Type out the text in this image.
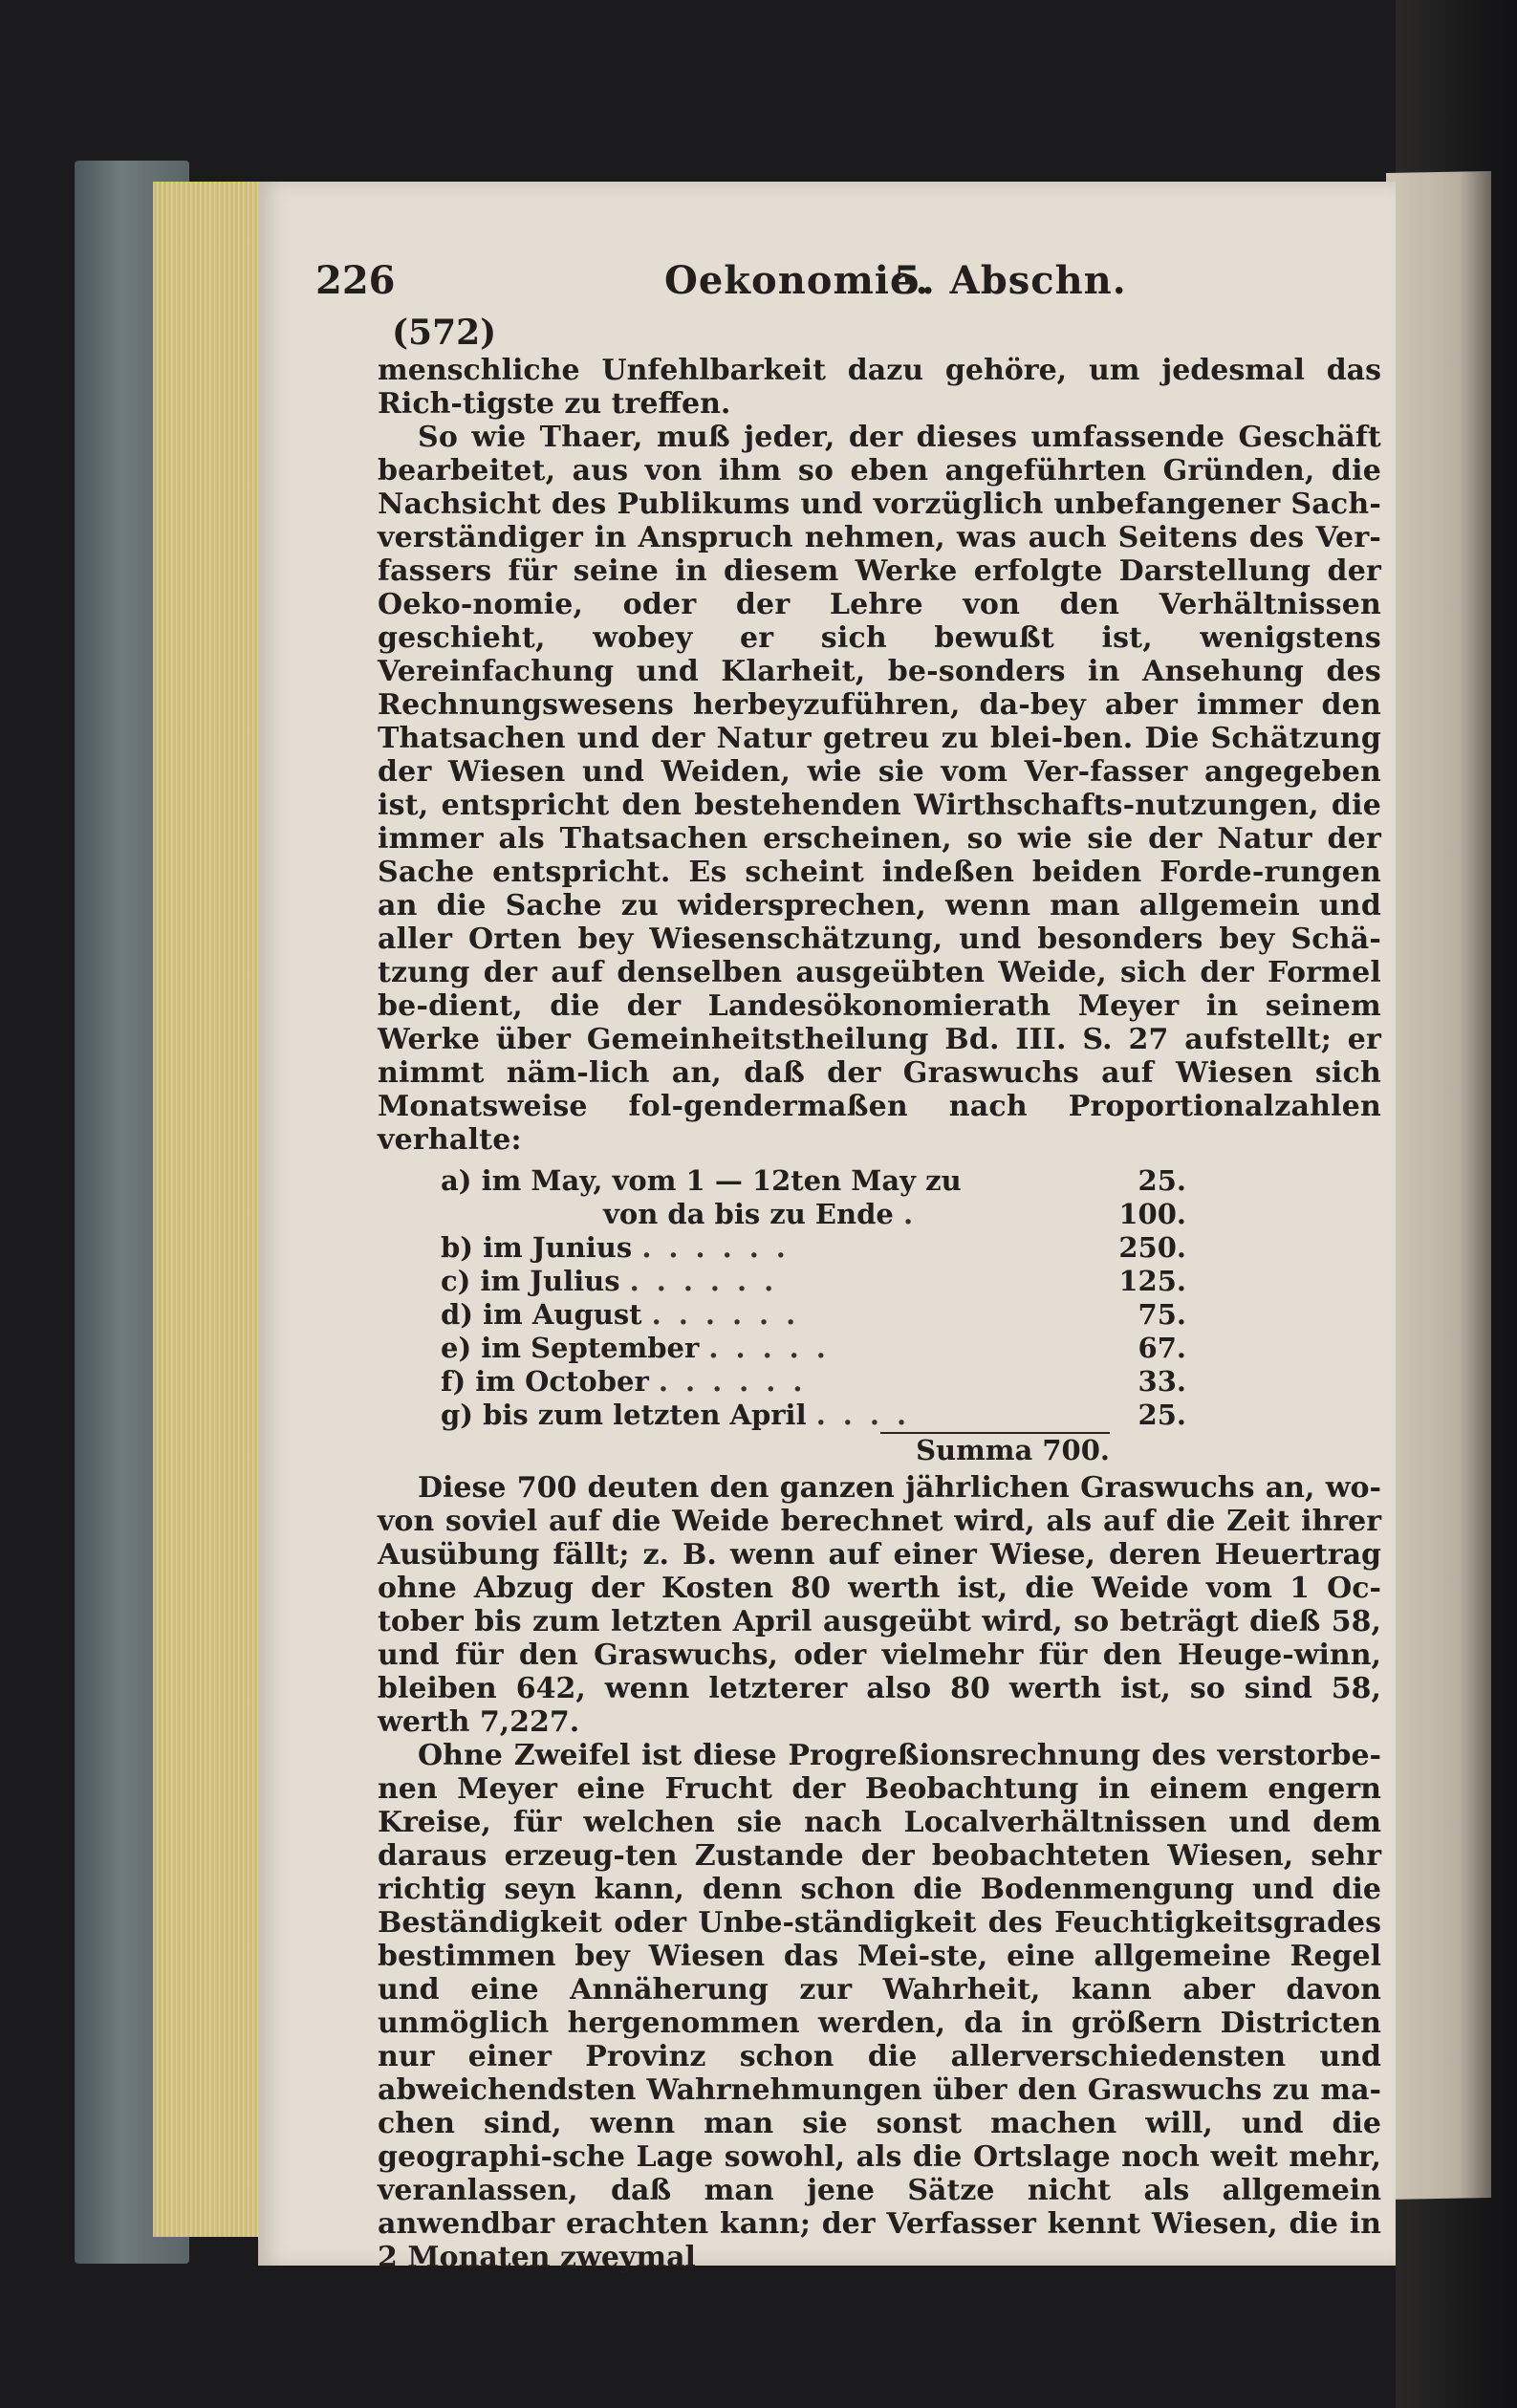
226	Oekonomie.
5. Abschn.
(572)

menschliche Unfehlbarkeit dazu gehöre, um jedesmal das Rich-tigste zu treffen.

So wie Thaer, muß jeder, der dieses umfassende Geschäft bearbeitet, aus von ihm so eben angeführten Gründen, die Nachsicht des Publikums und vorzüglich unbefangener Sach-verständiger in Anspruch nehmen, was auch Seitens des Ver-fassers für seine in diesem Werke erfolgte Darstellung der Oeko-nomie, oder der Lehre von den Verhältnissen geschieht, wobey er sich bewußt ist, wenigstens Vereinfachung und Klarheit, be-sonders in Ansehung des Rechnungswesens herbeyzuführen, da-bey aber immer den Thatsachen und der Natur getreu zu blei-ben. Die Schätzung der Wiesen und Weiden, wie sie vom Ver-fasser angegeben ist, entspricht den bestehenden Wirthschafts-nutzungen, die immer als Thatsachen erscheinen, so wie sie der Natur der Sache entspricht. Es scheint indeßen beiden Forde-rungen an die Sache zu widersprechen, wenn man allgemein und aller Orten bey Wiesenschätzung, und besonders bey Schä-tzung der auf denselben ausgeübten Weide, sich der Formel be-dient, die der Landesökonomierath Meyer in seinem Werke über Gemeinheitstheilung Bd. III. S. 27 aufstellt; er nimmt näm-lich an, daß der Graswuchs auf Wiesen sich Monatsweise fol-gendermaßen nach Proportionalzahlen verhalte:

a) im May, vom 1 — 12ten May zu	25.
von da bis zu Ende .	100.
b) im Junius ......	250.
c) im Julius ......	125.
d) im August ......	75.
e) im September .....	67.
f) im October ......	33.
g) bis zum letzten April ....	25.
Summa 700.

Diese 700 deuten den ganzen jährlichen Graswuchs an, wo-von soviel auf die Weide berechnet wird, als auf die Zeit ihrer Ausübung fällt; z. B. wenn auf einer Wiese, deren Heuertrag ohne Abzug der Kosten 80 werth ist, die Weide vom 1 Oc-tober bis zum letzten April ausgeübt wird, so beträgt dieß 58, und für den Graswuchs, oder vielmehr für den Heuge-winn, bleiben 642, wenn letzterer also 80 werth ist, so sind 58, werth 7,227.

Ohne Zweifel ist diese Progreßionsrechnung des verstorbe-nen Meyer eine Frucht der Beobachtung in einem engern Kreise, für welchen sie nach Localverhältnissen und dem daraus erzeug-ten Zustande der beobachteten Wiesen, sehr richtig seyn kann, denn schon die Bodenmengung und die Beständigkeit oder Unbe-ständigkeit des Feuchtigkeitsgrades bestimmen bey Wiesen das Mei-ste, eine allgemeine Regel und eine Annäherung zur Wahrheit, kann aber davon unmöglich hergenommen werden, da in größern Districten nur einer Provinz schon die allerverschiedensten und abweichendsten Wahrnehmungen über den Graswuchs zu ma-chen sind, wenn man sie sonst machen will, und die geographi-sche Lage sowohl, als die Ortslage noch weit mehr, veranlassen, daß man jene Sätze nicht als allgemein anwendbar erachten kann; der Verfasser kennt Wiesen, die in 2 Monaten zweymal
